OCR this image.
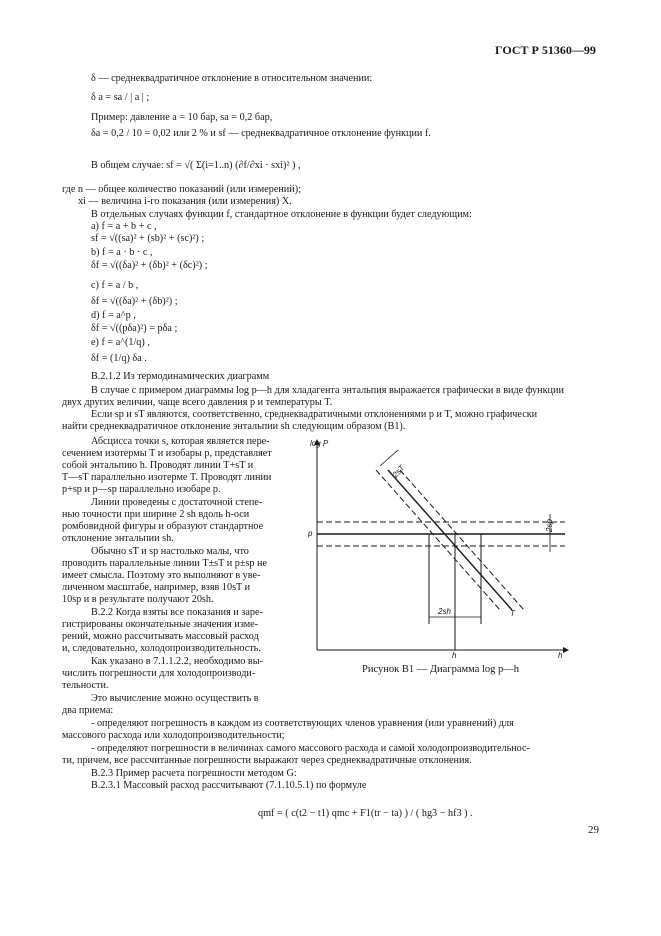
ГОСТ Р 51360—99
δ — среднеквадратичное отклонение в относительном значении:
δ a = sa / | a | ;
Пример: давление a = 10 бар, sa = 0,2 бар,
δa = 0,2 / 10 = 0,02 или 2 % и sf — среднеквадратичное отклонение функции f.
В общем случае: sf = √( Σ(i=1..n) (∂f/∂xi · sxi)² ) ,
где n — общее количество показаний (или измерений);
xi — величина i-го показания (или измерения) X.
В отдельных случаях функции f, стандартное отклонение в функции будет следующим:
a) f = a + b + c ,
sf = √((sa)² + (sb)² + (sc)²) ;
b) f = a · b · c ,
δf = √((δa)² + (δb)² + (δc)²) ;
c) f = a / b ,
δf = √((δa)² + (δb)²) ;
d) f = a^p ,
δf = √((pδa)²) = pδa ;
e) f = a^(1/q) ,
δf = (1/q) δa .
B.2.1.2 Из термодинамических диаграмм
В случае с примером диаграммы log p—h для хладагента энтальпия выражается графически в виде функции
двух других величин, чаще всего давления p и температуры T.
Если sp и sT являются, соответственно, среднеквадратичными отклонениями p и T, можно графически
найти среднеквадратичное отклонение энтальпии sh следующим образом (B1).
Абсцисса точки s, которая является пере-
сечением изотермы T и изобары p, представляет
собой энтальпию h. Проводят линии T+sT и
T—sT параллельно изотерме T. Проводят линии
p+sp и p—sp параллельно изобаре p.
Линии проведены с достаточной степе-
нью точности при ширине 2 sh вдоль h-оси
ромбовидной фигуры и образуют стандартное
отклонение энтальпии sh.
Обычно sT и sp настолько малы, что
проводить параллельные линии T±sT и p±sp не
имеет смысла. Поэтому это выполняют в уве-
личенном масштабе, например, взяв 10sT и
10sp и в результате получают 20sh.
B.2.2 Когда взяты все показания и заре-
гистрированы окончательные значения изме-
рений, можно рассчитывать массовый расход
и, следовательно, холодопроизводительность.
Как указано в 7.1.1.2.2, необходимо вы-
числить погрешности для холодопроизводи-
тельности.
Это вычисление можно осуществить в
два приема:
- определяют погрешность в каждом из соответствующих членов уравнения (или уравнений) для
массового расхода или холодопроизводительности;
- определяют погрешности в величинах самого массового расхода и самой холодопроизводительнос-
ти, причем, все рассчитанные погрешности выражают через среднеквадратичные отклонения.
B.2.3 Пример расчета погрешности методом G:
B.2.3.1 Массовый расход рассчитывают (7.1.10.5.1) по формуле
qmf = ( c(t2 − t1) qmc + F1(tr − ta) ) / ( hg3 − hf3 ) .
log P
h
p
T
2sT
2sp
2sh
h
Рисунок B1 — Диаграмма log p—h
29
